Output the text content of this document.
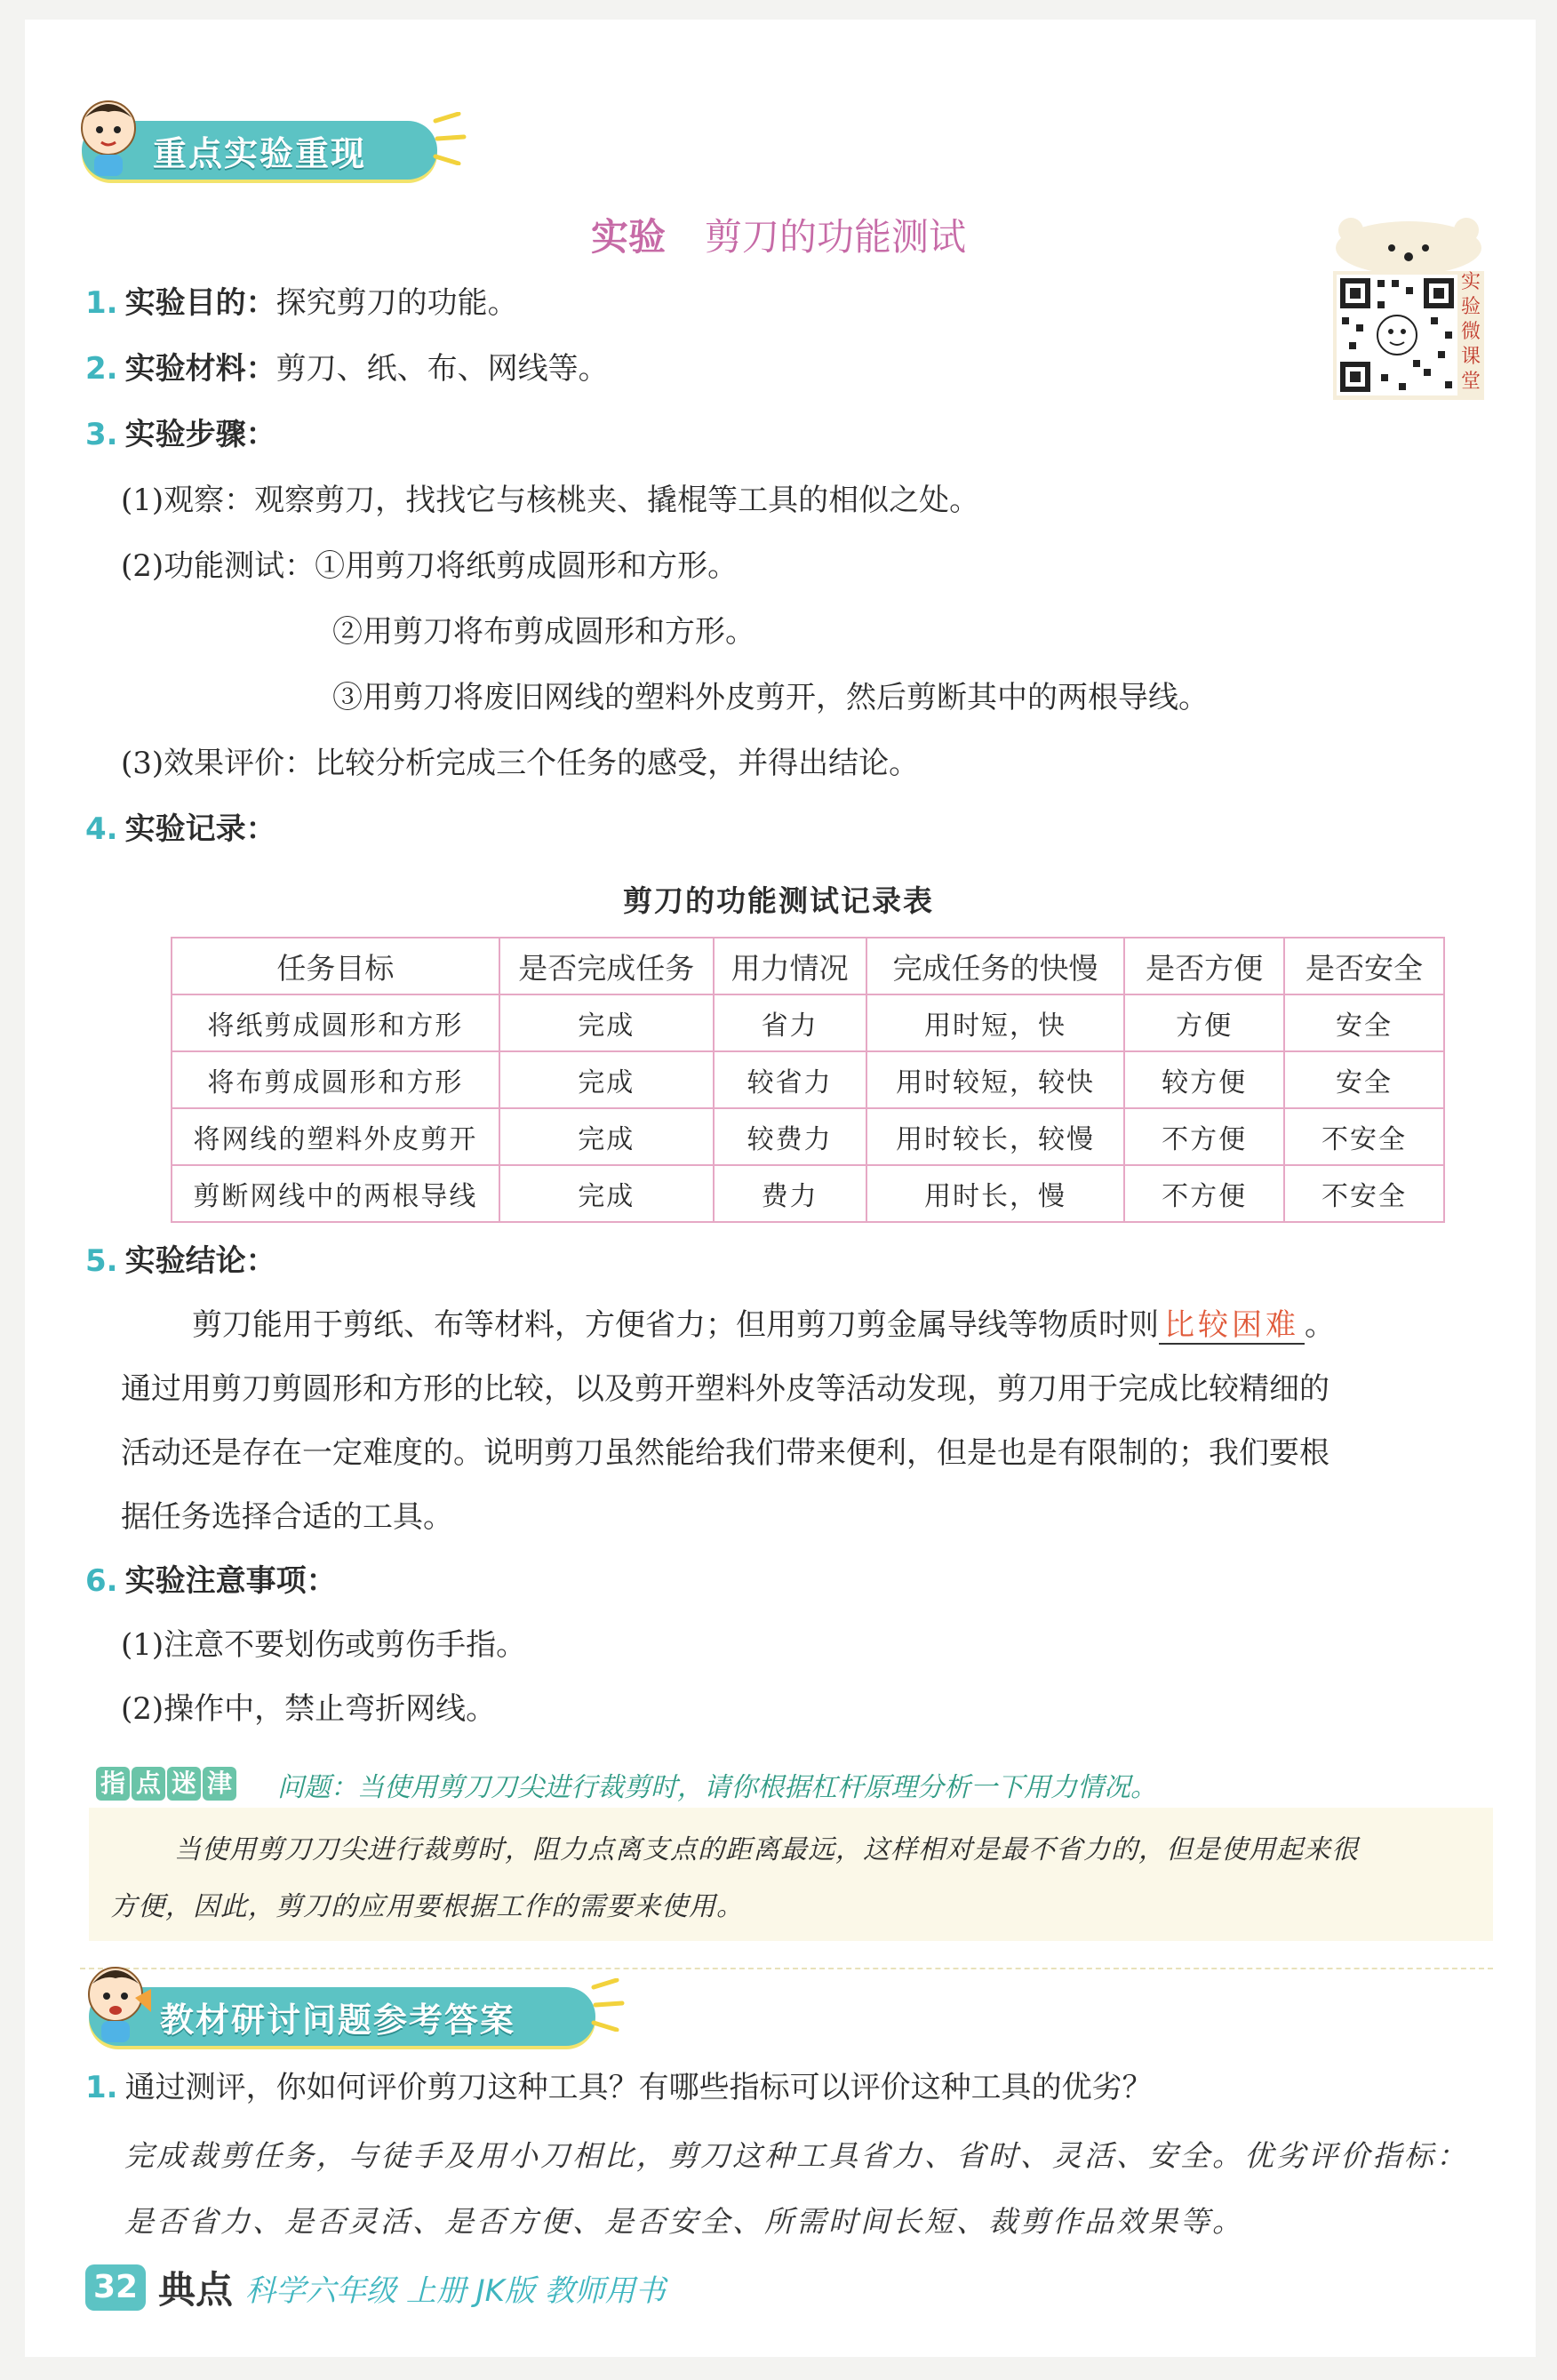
重点实验重现
实验 剪刀的功能测试
实
验
微
课
堂
1. 实验目的：探究剪刀的功能。
2. 实验材料：剪刀、纸、布、网线等。
3. 实验步骤：
(1)观察：观察剪刀，找找它与核桃夹、撬棍等工具的相似之处。
(2)功能测试：①用剪刀将纸剪成圆形和方形。
②用剪刀将布剪成圆形和方形。
③用剪刀将废旧网线的塑料外皮剪开，然后剪断其中的两根导线。
(3)效果评价：比较分析完成三个任务的感受，并得出结论。
4. 实验记录：
剪刀的功能测试记录表
任务目标	是否完成任务	用力情况	完成任务的快慢	是否方便	是否安全
将纸剪成圆形和方形	完成	省力	用时短，快	方便	安全
将布剪成圆形和方形	完成	较省力	用时较短，较快	较方便	安全
将网线的塑料外皮剪开	完成	较费力	用时较长，较慢	不方便	不安全
剪断网线中的两根导线	完成	费力	用时长，慢	不方便	不安全
5. 实验结论：
剪刀能用于剪纸、布等材料，方便省力；但用剪刀剪金属导线等物质时则 比较困难 。
通过用剪刀剪圆形和方形的比较，以及剪开塑料外皮等活动发现，剪刀用于完成比较精细的
活动还是存在一定难度的。说明剪刀虽然能给我们带来便利，但是也是有限制的；我们要根
据任务选择合适的工具。
6. 实验注意事项：
(1)注意不要划伤或剪伤手指。
(2)操作中，禁止弯折网线。
指 点 迷 津 问题：当使用剪刀刀尖进行裁剪时，请你根据杠杆原理分析一下用力情况。
当使用剪刀刀尖进行裁剪时，阻力点离支点的距离最远，这样相对是最不省力的，但是使用起来很
方便，因此，剪刀的应用要根据工作的需要来使用。
教材研讨问题参考答案
1. 通过测评，你如何评价剪刀这种工具？有哪些指标可以评价这种工具的优劣？
完成裁剪任务，与徒手及用小刀相比，剪刀这种工具省力、省时、灵活、安全。优劣评价指标：
是否省力、是否灵活、是否方便、是否安全、所需时间长短、裁剪作品效果等。
32 典点 科学六年级 上册 JK版 教师用书
